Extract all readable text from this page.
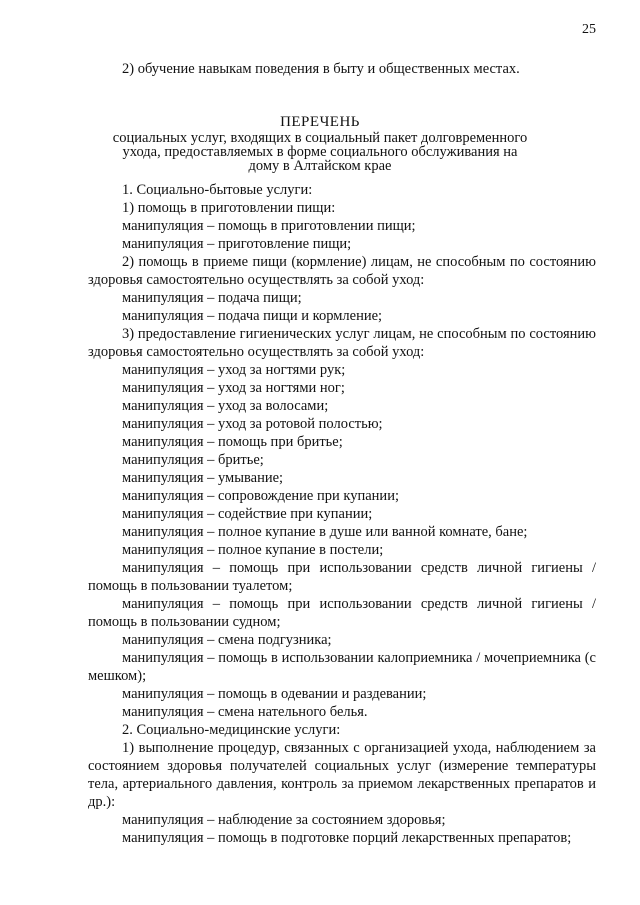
25
2) обучение навыкам поведения в быту и общественных местах.
ПЕРЕЧЕНЬ
социальных услуг, входящих в социальный пакет долговременного
ухода, предоставляемых в форме социального обслуживания на
дому в Алтайском крае

1. Социально-бытовые услуги:

1) помощь в приготовлении пищи:

манипуляция – помощь в приготовлении пищи;

манипуляция – приготовление пищи;

2) помощь в приеме пищи (кормление) лицам, не способным по состоянию здоровья самостоятельно осуществлять за собой уход:

манипуляция – подача пищи;

манипуляция – подача пищи и кормление;

3) предоставление гигиенических услуг лицам, не способным по состоянию здоровья самостоятельно осуществлять за собой уход:

манипуляция – уход за ногтями рук;

манипуляция – уход за ногтями ног;

манипуляция – уход за волосами;

манипуляция – уход за ротовой полостью;

манипуляция – помощь при бритье;

манипуляция – бритье;

манипуляция – умывание;

манипуляция – сопровождение при купании;

манипуляция – содействие при купании;

манипуляция – полное купание в душе или ванной комнате, бане;

манипуляция – полное купание в постели;

манипуляция – помощь при использовании средств личной гигиены / помощь в пользовании туалетом;

манипуляция – помощь при использовании средств личной гигиены / помощь в пользовании судном;

манипуляция – смена подгузника;

манипуляция – помощь в использовании калоприемника / мочеприемника (с мешком);

манипуляция – помощь в одевании и раздевании;

манипуляция – смена нательного белья.

2. Социально-медицинские услуги:

1) выполнение процедур, связанных с организацией ухода, наблюдением за состоянием здоровья получателей социальных услуг (измерение температуры тела, артериального давления, контроль за приемом лекарственных препаратов и др.):

манипуляция – наблюдение за состоянием здоровья;

манипуляция – помощь в подготовке порций лекарственных препаратов;
